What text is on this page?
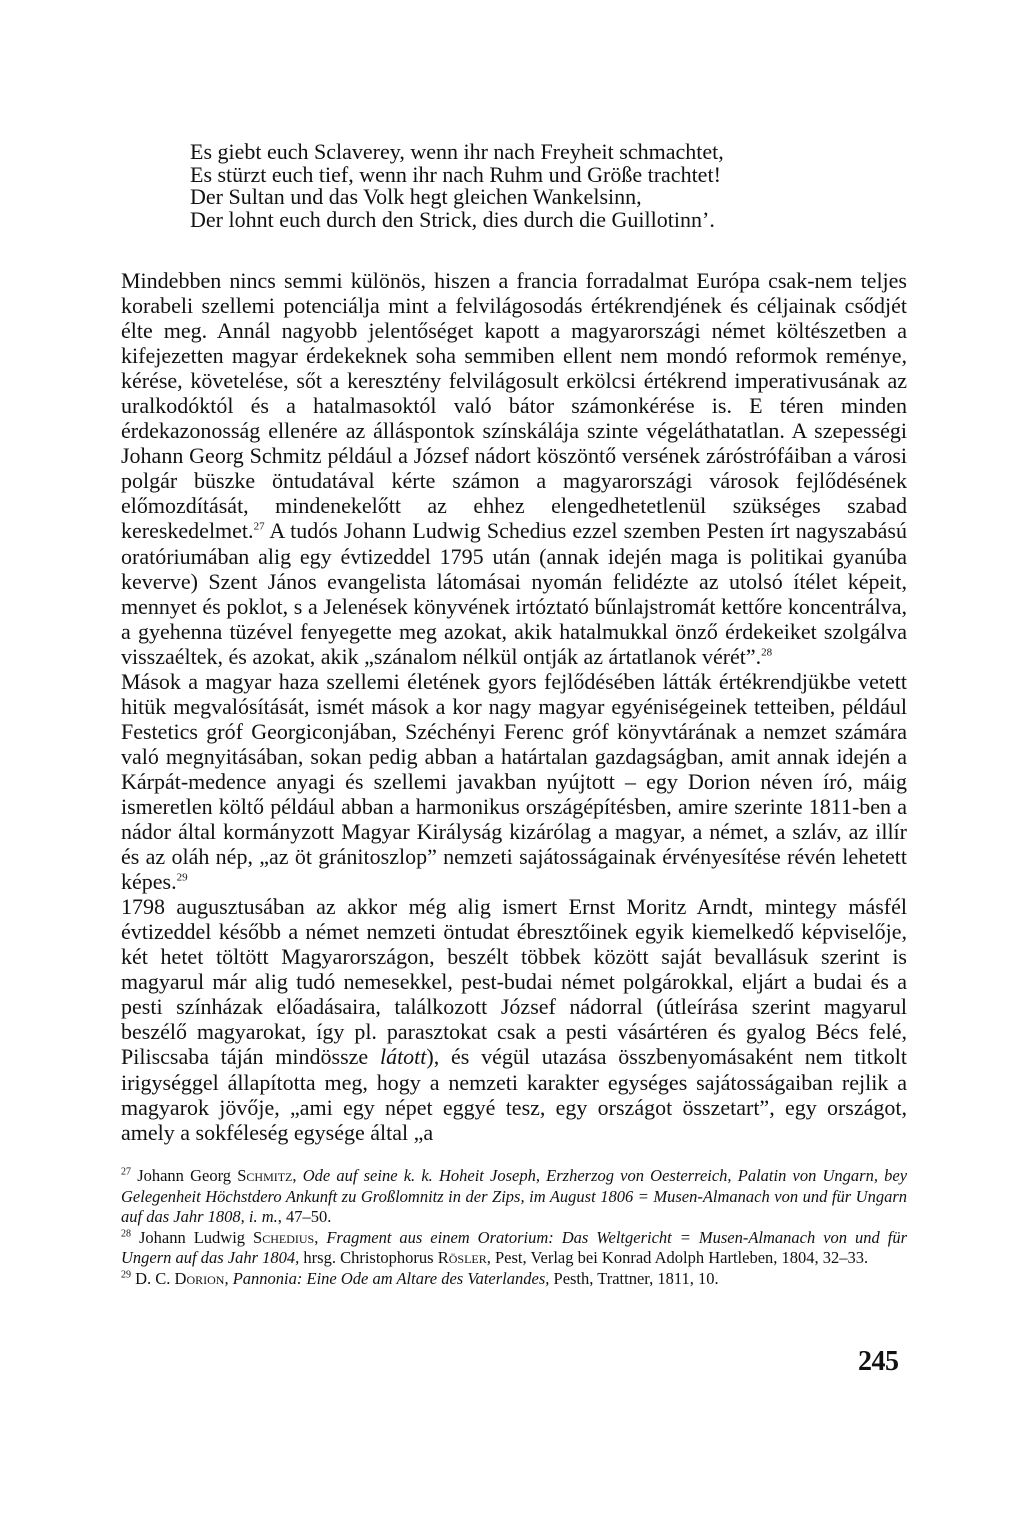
Es giebt euch Sclaverey, wenn ihr nach Freyheit schmachtet,
Es stürzt euch tief, wenn ihr nach Ruhm und Größe trachtet!
Der Sultan und das Volk hegt gleichen Wankelsinn,
Der lohnt euch durch den Strick, dies durch die Guillotinn’.

Mindebben nincs semmi különös, hiszen a francia forradalmat Európa csak-nem teljes korabeli szellemi potenciálja mint a felvilágosodás értékrendjének és céljainak csődjét élte meg. Annál nagyobb jelentőséget kapott a magyarországi német költészetben a kifejezetten magyar érdekeknek soha semmiben ellent nem mondó reformok reménye, kérése, követelése, sőt a keresztény felvilágosult erkölcsi értékrend imperativusának az uralkodóktól és a hatalmasoktól való bátor számonkérése is. E téren minden érdekazonosság ellenére az álláspontok színskálája szinte végeláthatatlan. A szepességi Johann Georg Schmitz például a József nádort köszöntő versének záróstrófáiban a városi polgár büszke öntudatával kérte számon a magyarországi városok fejlődésének előmozdítását, mindenekelőtt az ehhez elengedhetetlenül szükséges szabad kereskedelmet.$^{27}$ A tudós Johann Ludwig Schedius ezzel szemben Pesten írt nagyszabású oratóriumában alig egy évtizeddel 1795 után (annak idején maga is politikai gyanúba keverve) Szent János evangelista látomásai nyomán felidézte az utolsó ítélet képeit, mennyet és poklot, s a Jelenések könyvének irtóztató bűnlajstromát kettőre koncentrálva, a gyehenna tüzével fenyegette meg azokat, akik hatalmukkal önző érdekeiket szolgálva visszaéltek, és azokat, akik „szánalom nélkül ontják az ártatlanok vérét”.$^{28}$

Mások a magyar haza szellemi életének gyors fejlődésében látták értékrendjükbe vetett hitük megvalósítását, ismét mások a kor nagy magyar egyéniségeinek tetteiben, például Festetics gróf Georgiconjában, Széchényi Ferenc gróf könyvtárának a nemzet számára való megnyitásában, sokan pedig abban a határtalan gazdagságban, amit annak idején a Kárpát-medence anyagi és szellemi javakban nyújtott – egy Dorion néven író, máig ismeretlen költő például abban a harmonikus országépítésben, amire szerinte 1811-ben a nádor által kormányzott Magyar Királyság kizárólag a magyar, a német, a szláv, az illír és az oláh nép, „az öt gránitoszlop” nemzeti sajátosságainak érvényesítése révén lehetett képes.$^{29}$

1798 augusztusában az akkor még alig ismert Ernst Moritz Arndt, mintegy másfél évtizeddel később a német nemzeti öntudat ébresztőinek egyik kiemelkedő képviselője, két hetet töltött Magyarországon, beszélt többek között saját bevallásuk szerint is magyarul már alig tudó nemesekkel, pest-budai német polgárokkal, eljárt a budai és a pesti színházak előadásaira, találkozott József nádorral (útleírása szerint magyarul beszélő magyarokat, így pl. parasztokat csak a pesti vásártéren és gyalog Bécs felé, Piliscsaba táján mindössze látott), és végül utazása összbenyomásaként nem titkolt irigységgel állapította meg, hogy a nemzeti karakter egységes sajátosságaiban rejlik a magyarok jövője, „ami egy népet eggyé tesz, egy országot összetart”, egy országot, amely a sokféleség egysége által „a

$^{27}$ Johann Georg Schmitz, Ode auf seine k. k. Hoheit Joseph, Erzherzog von Oesterreich, Palatin von Ungarn, bey Gelegenheit Höchstdero Ankunft zu Großlomnitz in der Zips, im August 1806 = Musen-Almanach von und für Ungarn auf das Jahr 1808, i. m., 47–50.

$^{28}$ Johann Ludwig Schedius, Fragment aus einem Oratorium: Das Weltgericht = Musen-Almanach von und für Ungern auf das Jahr 1804, hrsg. Christophorus Rösler, Pest, Verlag bei Konrad Adolph Hartleben, 1804, 32–33.

$^{29}$ D. C. Dorion, Pannonia: Eine Ode am Altare des Vaterlandes, Pesth, Trattner, 1811, 10.

245
